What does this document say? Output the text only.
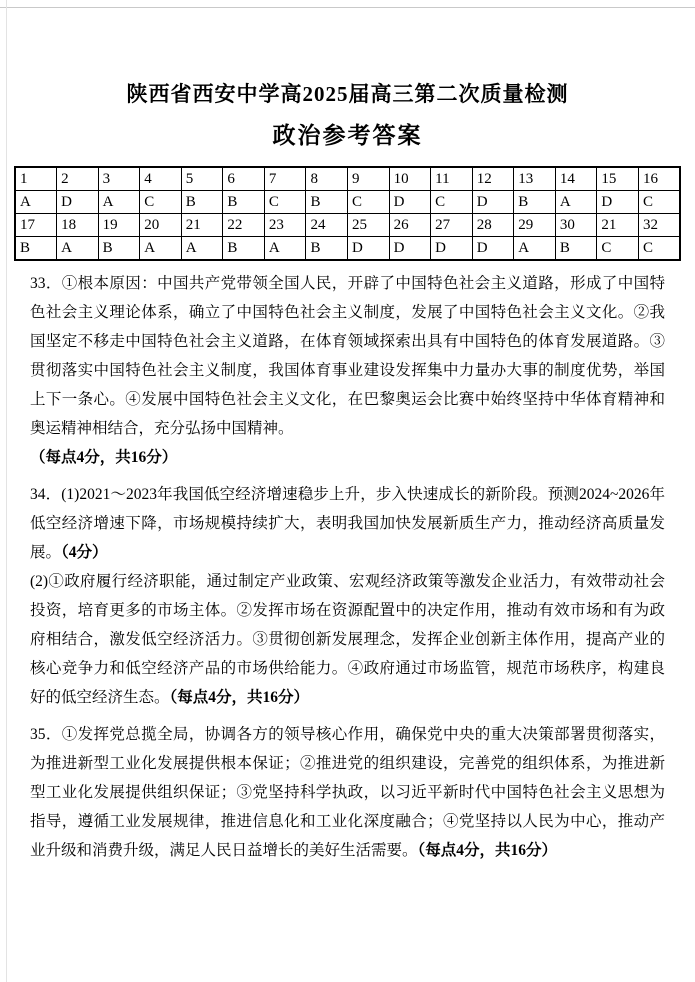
陕西省西安中学高2025届高三第二次质量检测
政治参考答案
1	2	3	4	5	6	7	8	9	10	11	12	13	14	15	16
A	D	A	C	B	B	C	B	C	D	C	D	B	A	D	C
17	18	19	20	21	22	23	24	25	26	27	28	29	30	21	32
B	A	B	A	A	B	A	B	D	D	D	D	A	B	C	C

33．①根本原因：中国共产党带领全国人民，开辟了中国特色社会主义道路，形成了中国特色社会主义理论体系，确立了中国特色社会主义制度，发展了中国特色社会主义文化。②我国坚定不移走中国特色社会主义道路，在体育领域探索出具有中国特色的体育发展道路。③贯彻落实中国特色社会主义制度，我国体育事业建设发挥集中力量办大事的制度优势，举国上下一条心。④发展中国特色社会主义文化，在巴黎奥运会比赛中始终坚持中华体育精神和奥运精神相结合，充分弘扬中国精神。
（每点4分，共16分）

34．(1)2021～2023年我国低空经济增速稳步上升，步入快速成长的新阶段。预测2024~2026年低空经济增速下降，市场规模持续扩大，表明我国加快发展新质生产力，推动经济高质量发展。（4分）

(2)①政府履行经济职能，通过制定产业政策、宏观经济政策等激发企业活力，有效带动社会投资，培育更多的市场主体。②发挥市场在资源配置中的决定作用，推动有效市场和有为政府相结合，激发低空经济活力。③贯彻创新发展理念，发挥企业创新主体作用，提高产业的核心竞争力和低空经济产品的市场供给能力。④政府通过市场监管，规范市场秩序，构建良好的低空经济生态。（每点4分，共16分）

35．①发挥党总揽全局，协调各方的领导核心作用，确保党中央的重大决策部署贯彻落实，为推进新型工业化发展提供根本保证；②推进党的组织建设，完善党的组织体系，为推进新型工业化发展提供组织保证；③党坚持科学执政，以习近平新时代中国特色社会主义思想为指导，遵循工业发展规律，推进信息化和工业化深度融合；④党坚持以人民为中心，推动产业升级和消费升级，满足人民日益增长的美好生活需要。（每点4分，共16分）
